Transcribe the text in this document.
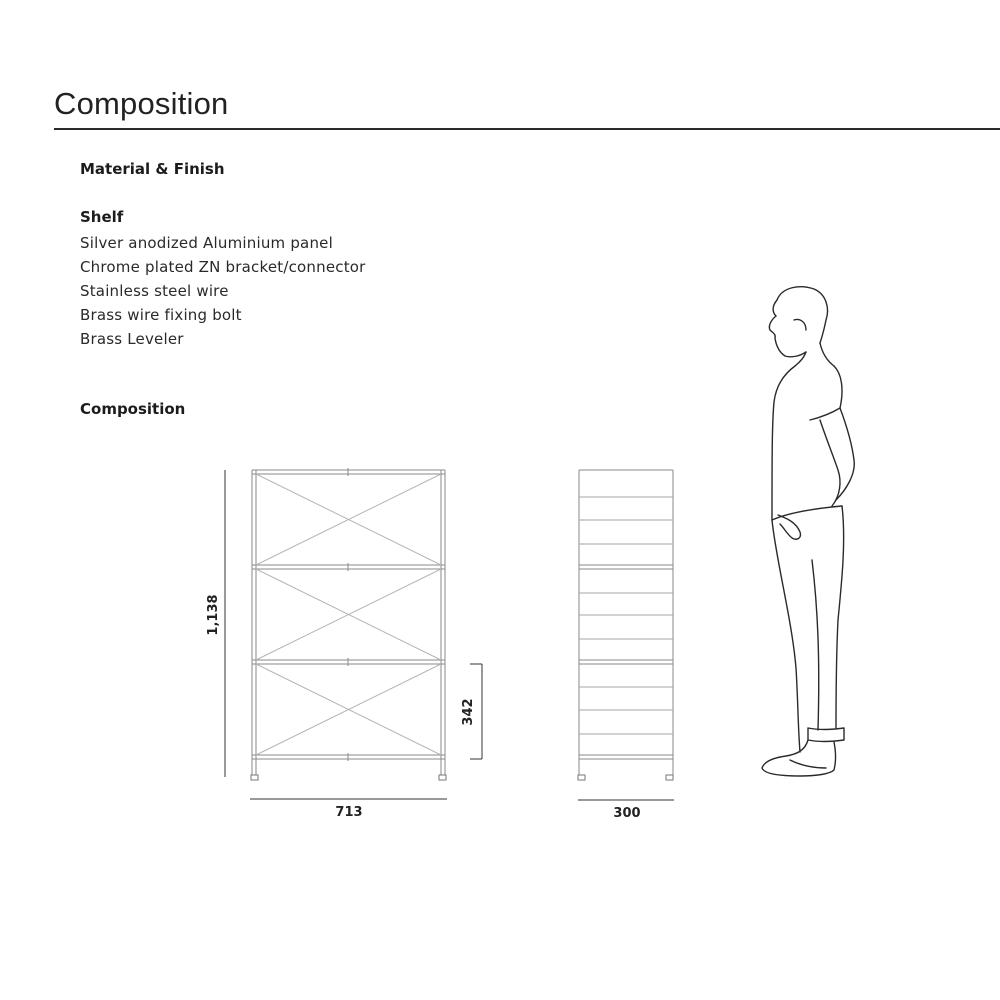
Composition
Material & Finish
Shelf
Silver anodized Aluminium panel
Chrome plated ZN bracket/connector
Stainless steel wire
Brass wire fixing bolt
Brass Leveler
Composition
1,138
342
713	300
